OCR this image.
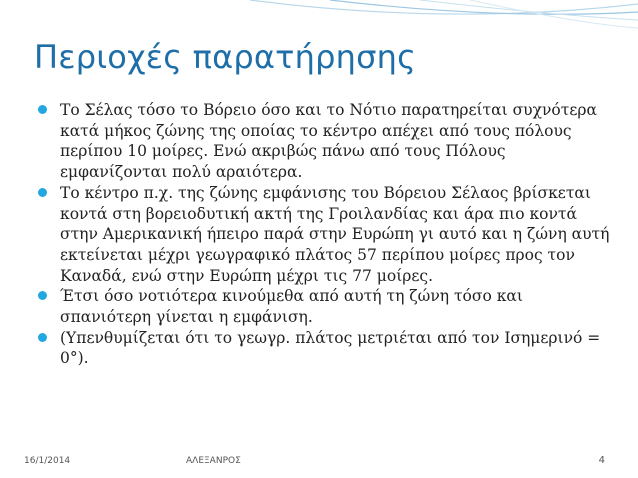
Περιοχές παρατήρησης
Το Σέλας τόσο το Βόρειο όσο και το Νότιο παρατηρείται συχνότερα κατά μήκος ζώνης της οποίας το κέντρο απέχει από τους πόλους περίπου 10 μοίρες. Ενώ ακριβώς πάνω από τους Πόλους εμφανίζονται πολύ αραιότερα.
Το κέντρο π.χ. της ζώνης εμφάνισης του Βόρειου Σέλαος βρίσκεται κοντά στη βορειοδυτική ακτή της Γροιλανδίας και άρα πιο κοντά στην Αμερικανική ήπειρο παρά στην Ευρώπη γι αυτό και η ζώνη αυτή εκτείνεται μέχρι γεωγραφικό πλάτος 57 περίπου μοίρες προς τον Καναδά, ενώ στην Ευρώπη μέχρι τις 77 μοίρες.
Έτσι όσο νοτιότερα κινούμεθα από αυτή τη ζώνη τόσο και σπανιότερη γίνεται η εμφάνιση.
(Υπενθυμίζεται ότι το γεωγρ. πλάτος μετριέται από τον Ισημερινό = 0°).
16/1/2014	ΑΛΕΞΑΝΡΟΣ	4
